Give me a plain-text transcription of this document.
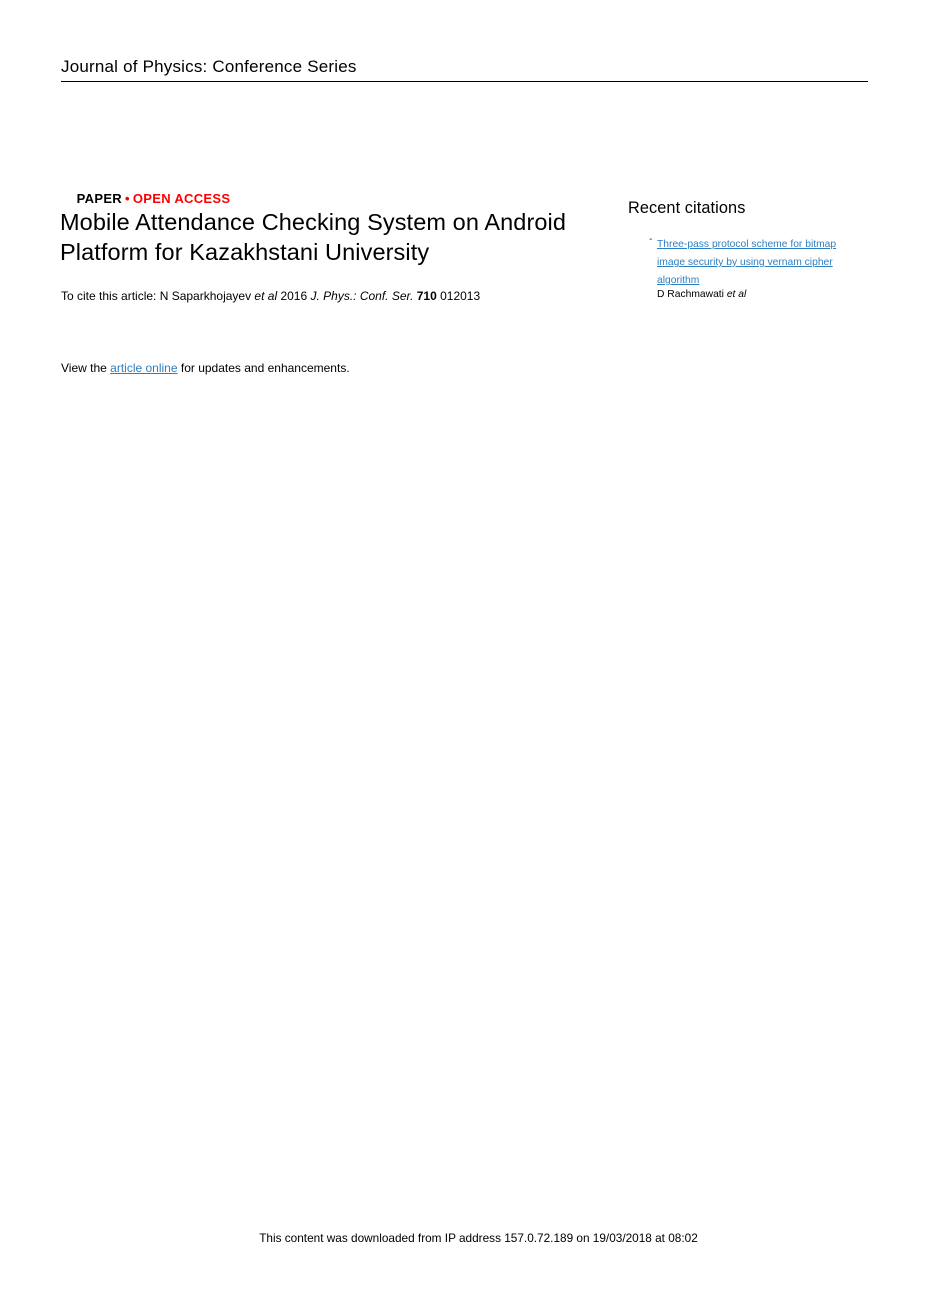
Journal of Physics: Conference Series

PAPER • OPEN ACCESS

Mobile Attendance Checking System on Android Platform for Kazakhstani University

To cite this article: N Saparkhojayev et al 2016 J. Phys.: Conf. Ser. 710 012013

View the article online for updates and enhancements.

Recent citations
- Three-pass protocol scheme for bitmap image security by using vernam cipher algorithm
D Rachmawati et al
This content was downloaded from IP address 157.0.72.189 on 19/03/2018 at 08:02
